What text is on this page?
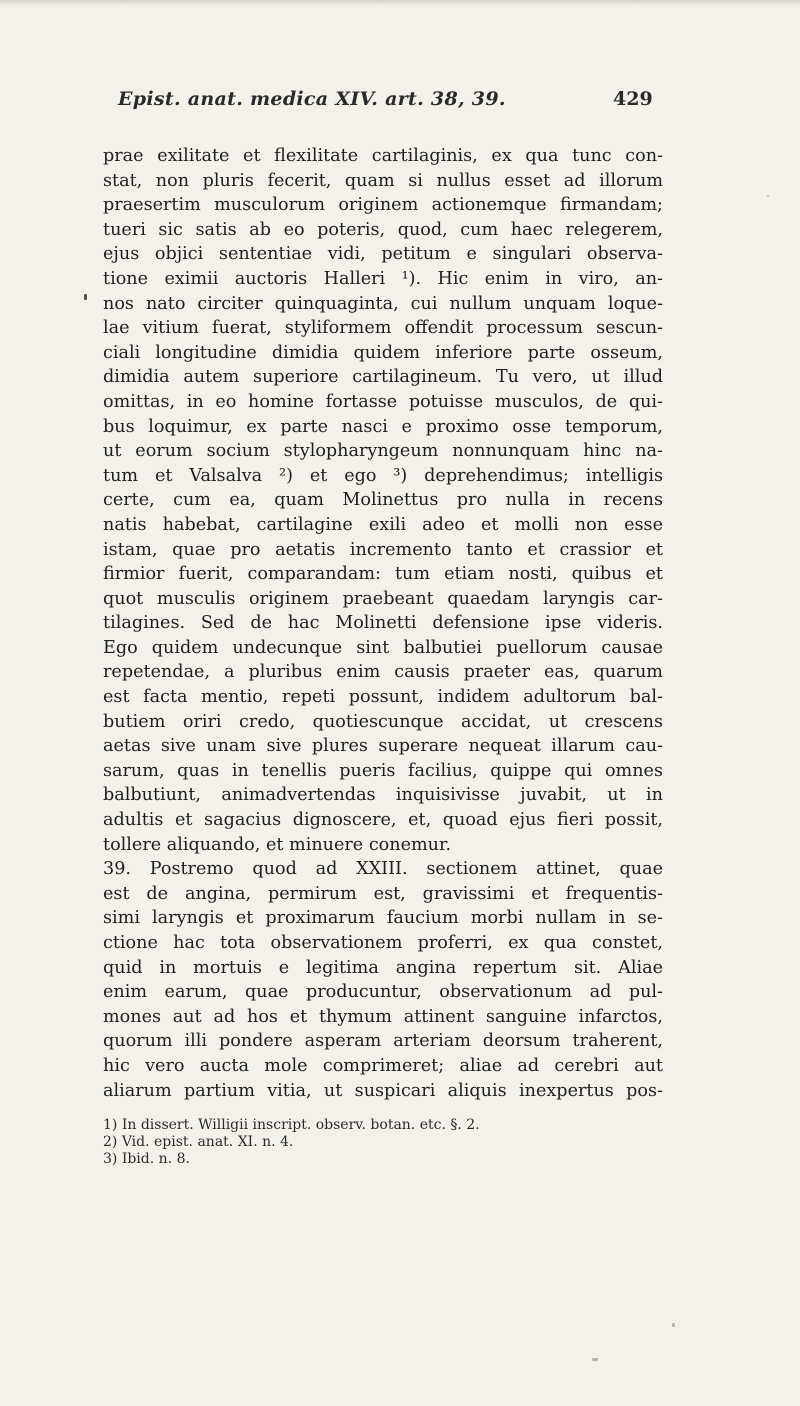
Epist. anat. medica XIV. art. 38, 39.	429
prae exilitate et flexilitate cartilaginis, ex qua tunc con-
stat, non pluris fecerit, quam si nullus esset ad illorum
praesertim musculorum originem actionemque firmandam;
tueri sic satis ab eo poteris, quod, cum haec relegerem,
ejus objici sententiae vidi, petitum e singulari observa-
tione eximii auctoris Halleri ¹). Hic enim in viro, an-
nos nato circiter quinquaginta, cui nullum unquam loque-
lae vitium fuerat, styliformem offendit processum sescun-
ciali longitudine dimidia quidem inferiore parte osseum,
dimidia autem superiore cartilagineum. Tu vero, ut illud
omittas, in eo homine fortasse potuisse musculos, de qui-
bus loquimur, ex parte nasci e proximo osse temporum,
ut eorum socium stylopharyngeum nonnunquam hinc na-
tum et Valsalva ²) et ego ³) deprehendimus; intelligis
certe, cum ea, quam Molinettus pro nulla in recens
natis habebat, cartilagine exili adeo et molli non esse
istam, quae pro aetatis incremento tanto et crassior et
firmior fuerit, comparandam: tum etiam nosti, quibus et
quot musculis originem praebeant quaedam laryngis car-
tilagines. Sed de hac Molinetti defensione ipse videris.
Ego quidem undecunque sint balbutiei puellorum causae
repetendae, a pluribus enim causis praeter eas, quarum
est facta mentio, repeti possunt, indidem adultorum bal-
butiem oriri credo, quotiescunque accidat, ut crescens
aetas sive unam sive plures superare nequeat illarum cau-
sarum, quas in tenellis pueris facilius, quippe qui omnes
balbutiunt, animadvertendas inquisivisse juvabit, ut in
adultis et sagacius dignoscere, et, quoad ejus fieri possit,
tollere aliquando, et minuere conemur.
39. Postremo quod ad XXIII. sectionem attinet, quae
est de angina, permirum est, gravissimi et frequentis-
simi laryngis et proximarum faucium morbi nullam in se-
ctione hac tota observationem proferri, ex qua constet,
quid in mortuis e legitima angina repertum sit. Aliae
enim earum, quae producuntur, observationum ad pul-
mones aut ad hos et thymum attinent sanguine infarctos,
quorum illi pondere asperam arteriam deorsum traherent,
hic vero aucta mole comprimeret; aliae ad cerebri aut
aliarum partium vitia, ut suspicari aliquis inexpertus pos-
1) In dissert. Willigii inscript. observ. botan. etc. §. 2.
2) Vid. epist. anat. XI. n. 4.
3) Ibid. n. 8.
